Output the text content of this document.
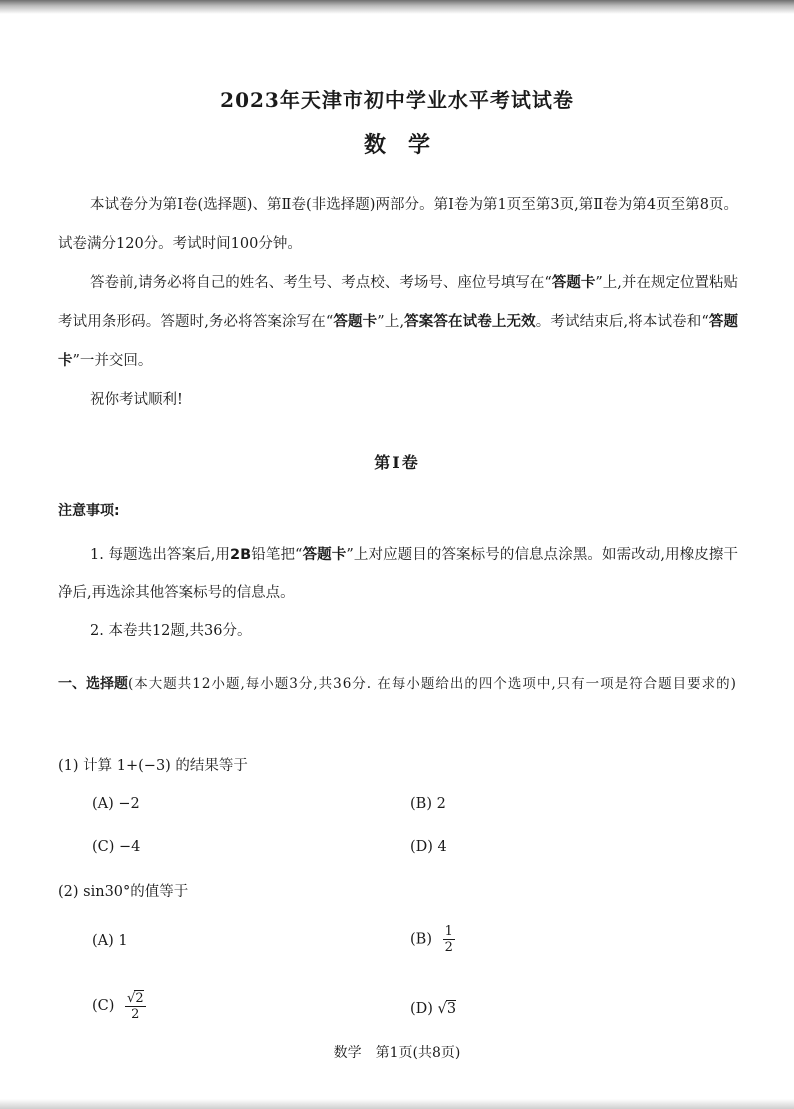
2023年天津市初中学业水平考试试卷
数学

本试卷分为第Ⅰ卷(选择题)、第Ⅱ卷(非选择题)两部分。第Ⅰ卷为第1页至第3页,第Ⅱ卷为第4页至第8页。试卷满分120分。考试时间100分钟。

答卷前,请务必将自己的姓名、考生号、考点校、考场号、座位号填写在“答题卡”上,并在规定位置粘贴考试用条形码。答题时,务必将答案涂写在“答题卡”上,答案答在试卷上无效。考试结束后,将本试卷和“答题卡”一并交回。

祝你考试顺利!

第Ⅰ卷
注意事项:

1. 每题选出答案后,用2B铅笔把“答题卡”上对应题目的答案标号的信息点涂黑。如需改动,用橡皮擦干净后,再选涂其他答案标号的信息点。

2. 本卷共12题,共36分。

一、选择题(本大题共12小题,每小题3分,共36分. 在每小题给出的四个选项中,只有一项是符合题目要求的)
(1) 计算 1+(−3) 的结果等于
(A) −2	(B) 2
(C) −4	(D) 4
(2) sin30°的值等于
(A) 1	$(B) \frac{1}{2}$
$(C) \frac{√2}{2}$	(D) √3
数学　第1页(共8页)
